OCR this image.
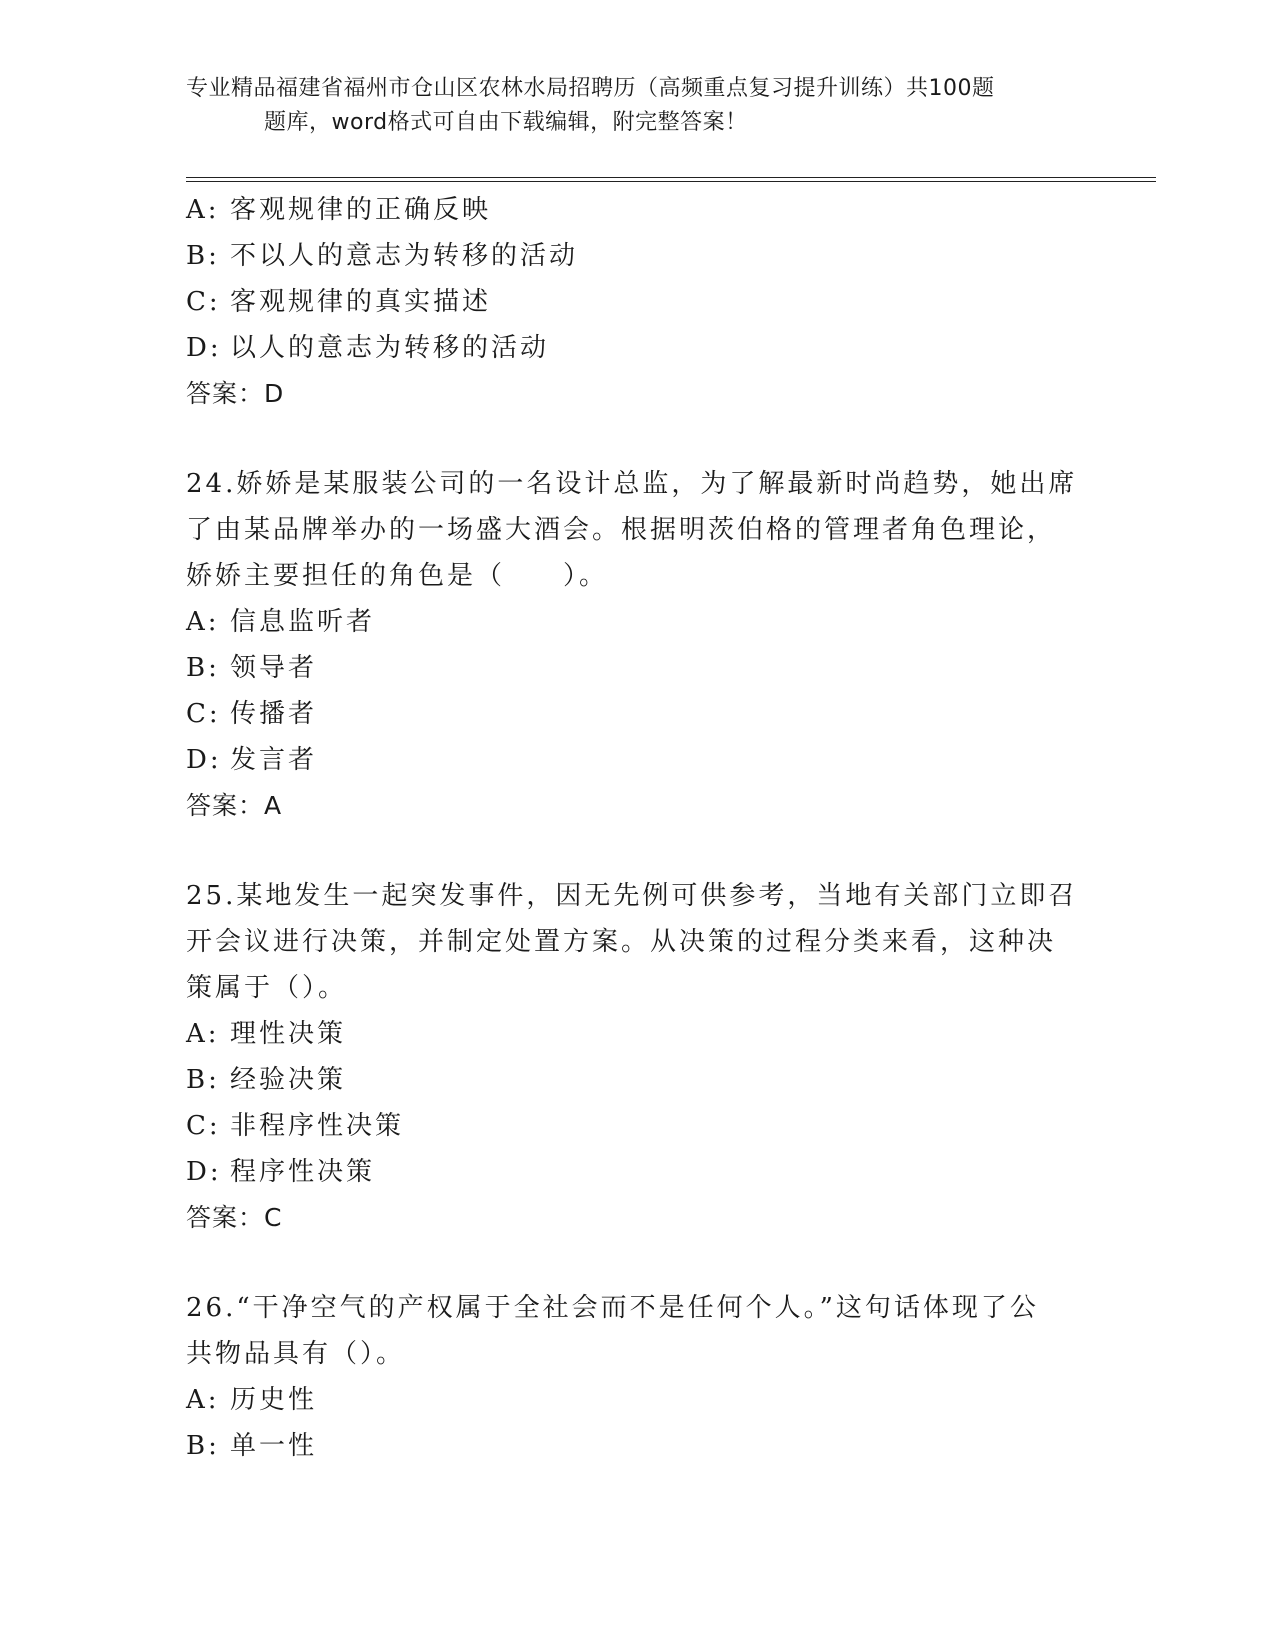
专业精品福建省福州市仓山区农林水局招聘历（高频重点复习提升训练）共100题
题库，word格式可自由下载编辑，附完整答案！
A: 客观规律的正确反映
B: 不以人的意志为转移的活动
C: 客观规律的真实描述
D: 以人的意志为转移的活动
答案：D
24.娇娇是某服装公司的一名设计总监，为了解最新时尚趋势，她出席
了由某品牌举办的一场盛大酒会。根据明茨伯格的管理者角色理论，
娇娇主要担任的角色是（　　）。
A: 信息监听者
B: 领导者
C: 传播者
D: 发言者
答案：A
25.某地发生一起突发事件，因无先例可供参考，当地有关部门立即召
开会议进行决策，并制定处置方案。从决策的过程分类来看，这种决
策属于（）。
A: 理性决策
B: 经验决策
C: 非程序性决策
D: 程序性决策
答案：C
26.“干净空气的产权属于全社会而不是任何个人。”这句话体现了公
共物品具有（）。
A: 历史性
B: 单一性
